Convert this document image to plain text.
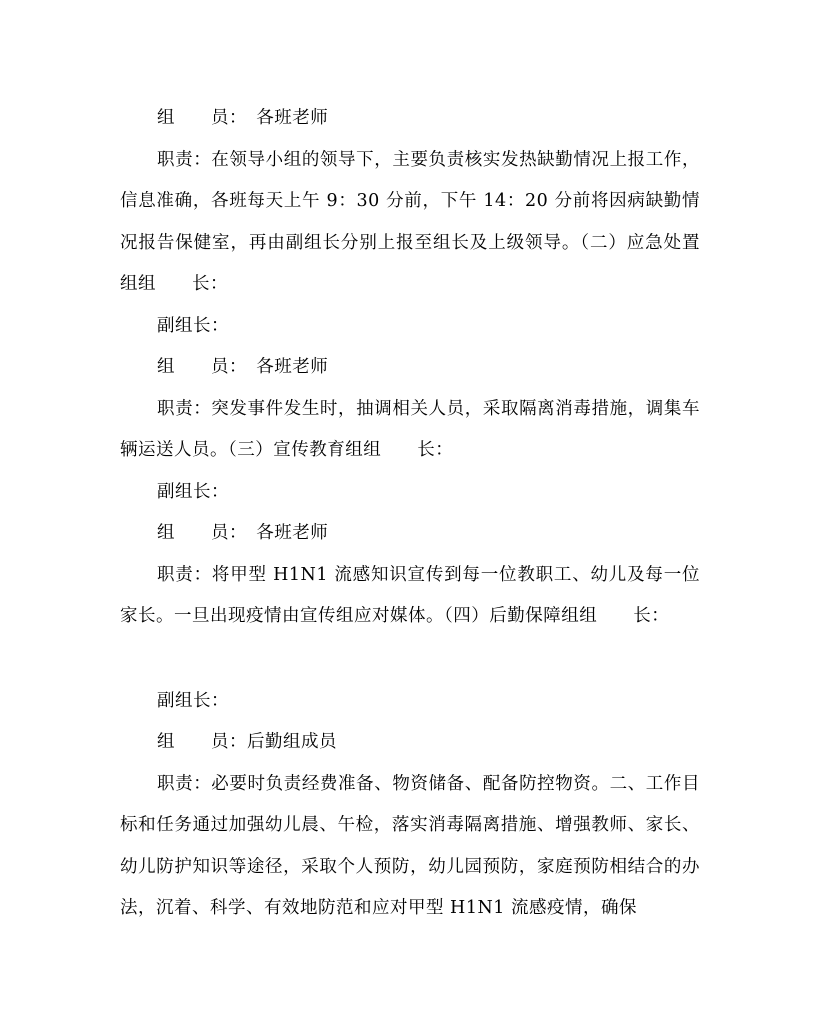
组　　员：　各班老师

职责：在领导小组的领导下，主要负责核实发热缺勤情况上报工作，信息准确，各班每天上午 9：30 分前，下午 14：20 分前将因病缺勤情况报告保健室，再由副组长分别上报至组长及上级领导。（二）应急处置组组　　长：

副组长：

组　　员：　各班老师

职责：突发事件发生时，抽调相关人员，采取隔离消毒措施，调集车辆运送人员。（三）宣传教育组组　　长：

副组长：

组　　员：　各班老师

职责：将甲型 H1N1 流感知识宣传到每一位教职工、幼儿及每一位家长。一旦出现疫情由宣传组应对媒体。（四）后勤保障组组　　长：

副组长：

组　　员：后勤组成员

职责：必要时负责经费准备、物资储备、配备防控物资。二、工作目标和任务通过加强幼儿晨、午检，落实消毒隔离措施、增强教师、家长、幼儿防护知识等途径，采取个人预防，幼儿园预防，家庭预防相结合的办法，沉着、科学、有效地防范和应对甲型 H1N1 流感疫情，确保
